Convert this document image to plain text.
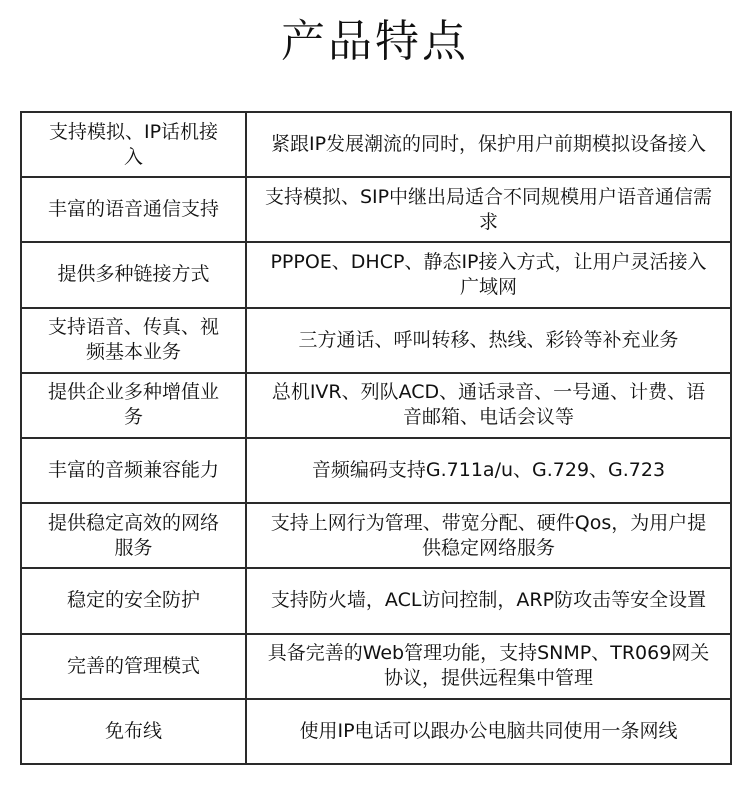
产品特点
支持模拟、IP话机接入	紧跟IP发展潮流的同时，保护用户前期模拟设备接入
丰富的语音通信支持	支持模拟、SIP中继出局适合不同规模用户语音通信需求
提供多种链接方式	PPPOE、DHCP、静态IP接入方式，让用户灵活接入广域网
支持语音、传真、视频基本业务	三方通话、呼叫转移、热线、彩铃等补充业务
提供企业多种增值业务	总机IVR、列队ACD、通话录音、一号通、计费、语音邮箱、电话会议等
丰富的音频兼容能力	音频编码支持G.711a/u、G.729、G.723
提供稳定高效的网络服务	支持上网行为管理、带宽分配、硬件Qos，为用户提供稳定网络服务
稳定的安全防护	支持防火墙，ACL访问控制，ARP防攻击等安全设置
完善的管理模式	具备完善的Web管理功能，支持SNMP、TR069网关协议，提供远程集中管理
免布线	使用IP电话可以跟办公电脑共同使用一条网线
